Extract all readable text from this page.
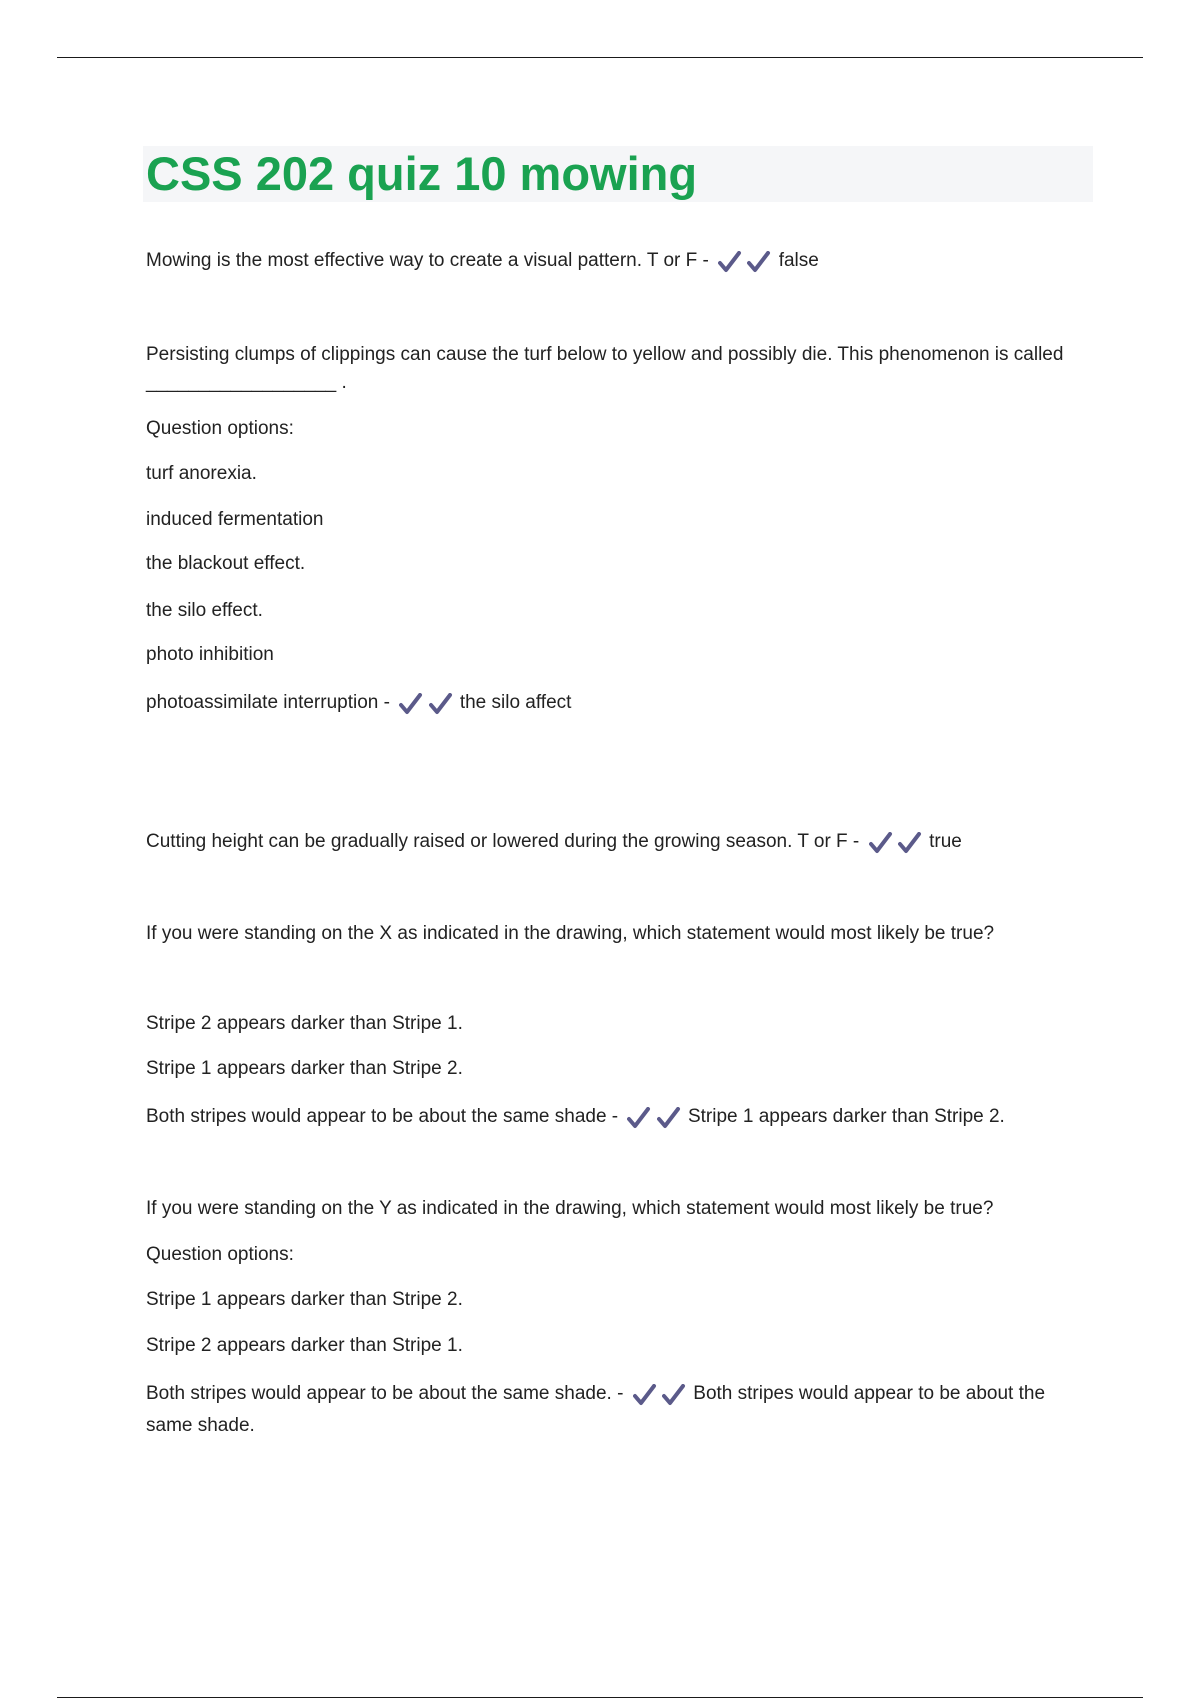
CSS 202 quiz 10 mowing

Mowing is the most effective way to create a visual pattern. T or F -
	false

Persisting clumps of clippings can cause the turf below to yellow and possibly die. This phenomenon is called __________________ .

Question options:

turf anorexia.

induced fermentation

the blackout effect.

the silo effect.

photo inhibition

photoassimilate interruption -
	the silo affect

Cutting height can be gradually raised or lowered during the growing season. T or F -
	true

If you were standing on the X as indicated in the drawing, which statement would most likely be true?

Stripe 2 appears darker than Stripe 1.

Stripe 1 appears darker than Stripe 2.

Both stripes would appear to be about the same shade -
	Stripe 1 appears darker than Stripe 2.

If you were standing on the Y as indicated in the drawing, which statement would most likely be true?

Question options:

Stripe 1 appears darker than Stripe 2.

Stripe 2 appears darker than Stripe 1.

Both stripes would appear to be about the same shade. -
	Both stripes would appear to be about the same shade.
